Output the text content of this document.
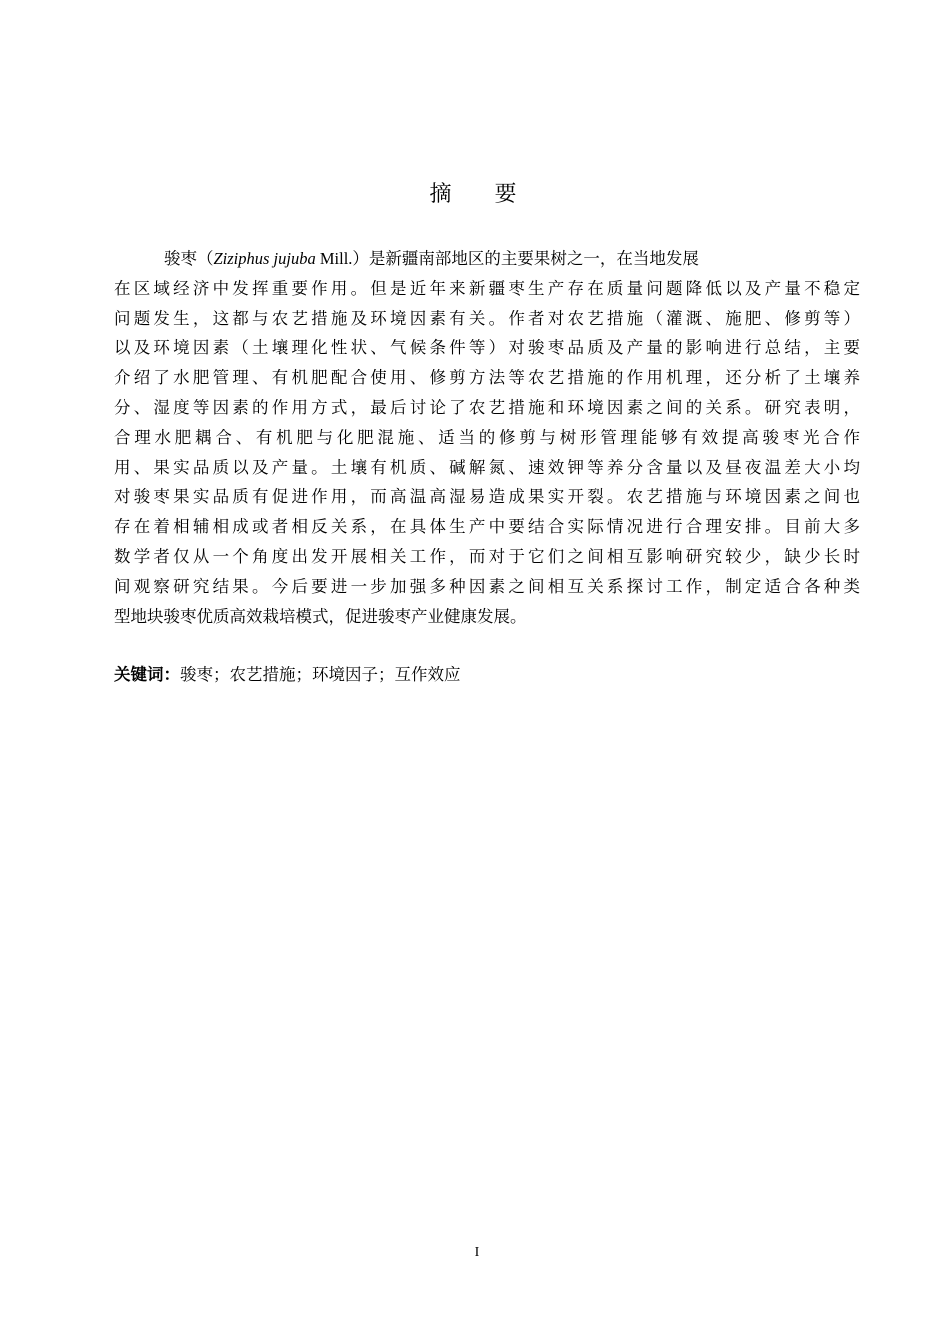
摘 要
骏枣（Ziziphus jujuba Mill.）是新疆南部地区的主要果树之一，在当地发展
在区域经济中发挥重要作用。但是近年来新疆枣生产存在质量问题降低以及产量不稳定
问题发生，这都与农艺措施及环境因素有关。作者对农艺措施（灌溉、施肥、修剪等）
以及环境因素（土壤理化性状、气候条件等）对骏枣品质及产量的影响进行总结，主要
介绍了水肥管理、有机肥配合使用、修剪方法等农艺措施的作用机理，还分析了土壤养
分、湿度等因素的作用方式，最后讨论了农艺措施和环境因素之间的关系。研究表明，
合理水肥耦合、有机肥与化肥混施、适当的修剪与树形管理能够有效提高骏枣光合作
用、果实品质以及产量。土壤有机质、碱解氮、速效钾等养分含量以及昼夜温差大小均
对骏枣果实品质有促进作用，而高温高湿易造成果实开裂。农艺措施与环境因素之间也
存在着相辅相成或者相反关系，在具体生产中要结合实际情况进行合理安排。目前大多
数学者仅从一个角度出发开展相关工作，而对于它们之间相互影响研究较少，缺少长时
间观察研究结果。今后要进一步加强多种因素之间相互关系探讨工作，制定适合各种类
型地块骏枣优质高效栽培模式，促进骏枣产业健康发展。
关键词：骏枣；农艺措施；环境因子；互作效应
I
